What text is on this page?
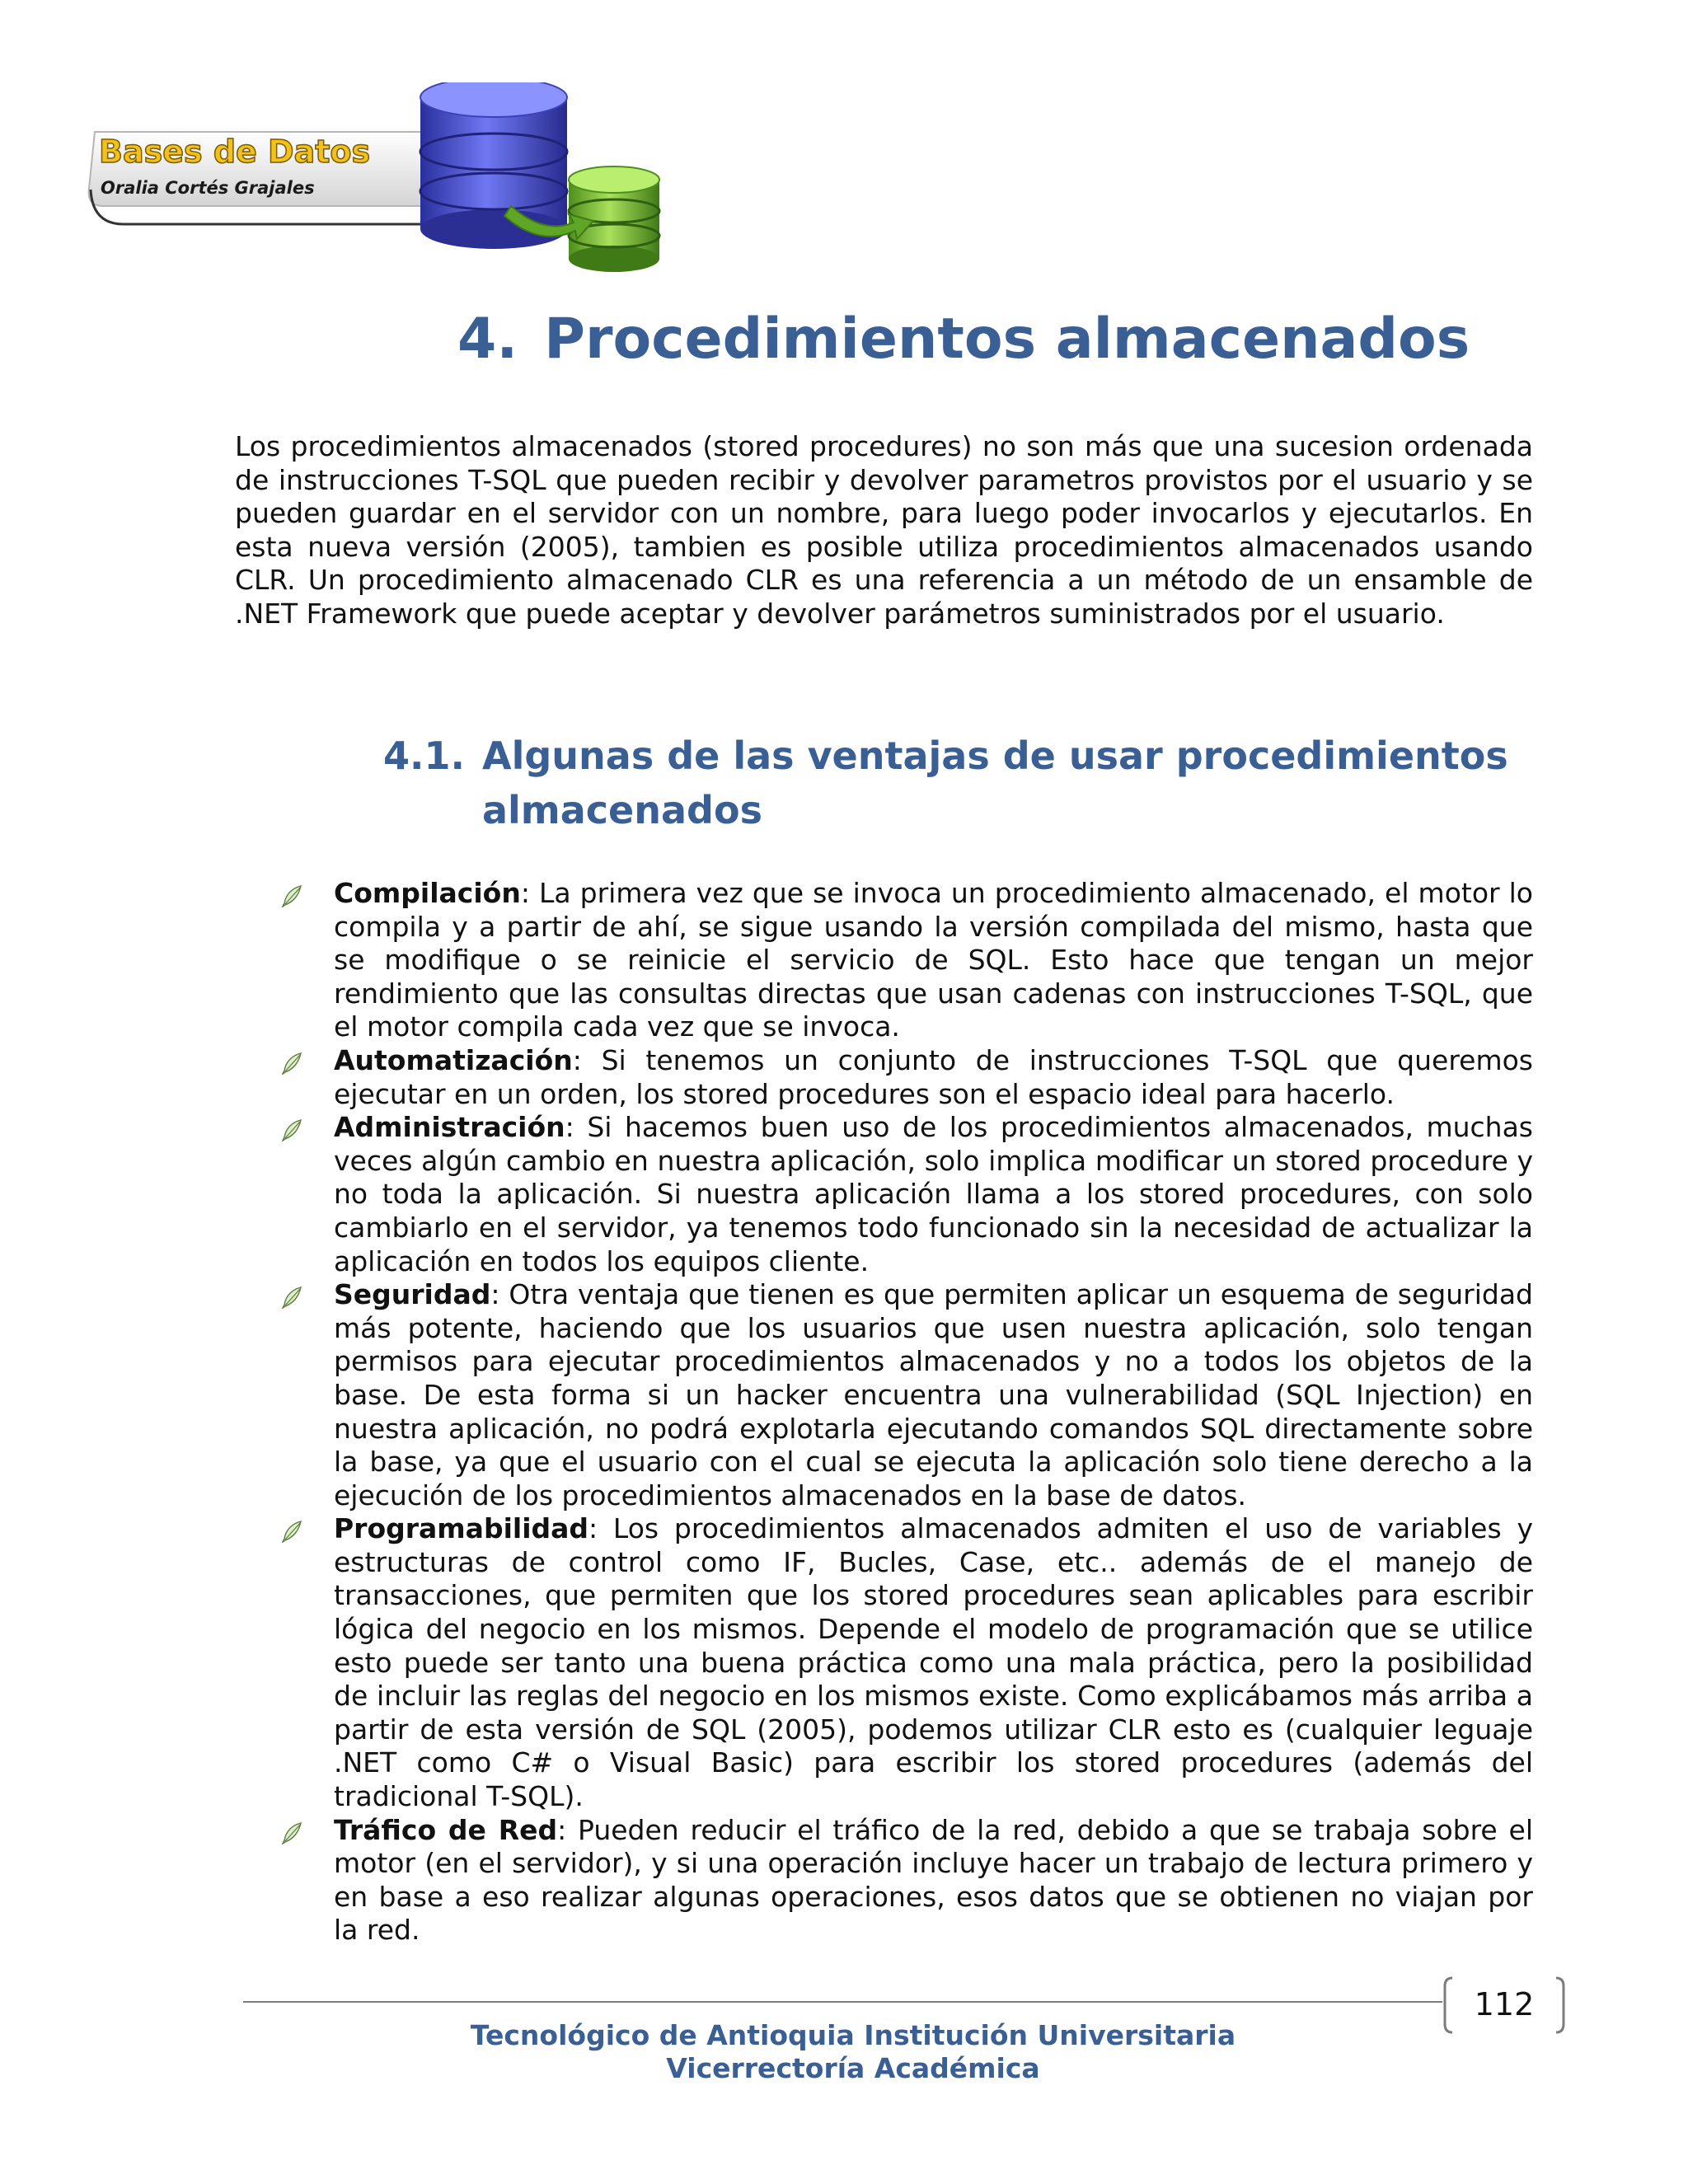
Bases de Datos
Oralia Cortés Grajales
4. Procedimientos almacenados

Los procedimientos almacenados (stored procedures) no son más que una sucesion ordenada de instrucciones T-SQL que pueden recibir y devolver parametros provistos por el usuario y se pueden guardar en el servidor con un nombre, para luego poder invocarlos y ejecutarlos. En esta nueva versión (2005), tambien es posible utiliza procedimientos almacenados usando CLR. Un procedimiento almacenado CLR es una referencia a un método de un ensamble de .NET Framework que puede aceptar y devolver parámetros suministrados por el usuario.

4.1. Algunas de las ventajas de usar procedimientos almacenados
Compilación: La primera vez que se invoca un procedimiento almacenado, el motor lo compila y a partir de ahí, se sigue usando la versión compilada del mismo, hasta que se modifique o se reinicie el servicio de SQL. Esto hace que tengan un mejor rendimiento que las consultas directas que usan cadenas con instrucciones T-SQL, que el motor compila cada vez que se invoca.
Automatización: Si tenemos un conjunto de instrucciones T-SQL que queremos ejecutar en un orden, los stored procedures son el espacio ideal para hacerlo.
Administración: Si hacemos buen uso de los procedimientos almacenados, muchas veces algún cambio en nuestra aplicación, solo implica modificar un stored procedure y no toda la aplicación. Si nuestra aplicación llama a los stored procedures, con solo cambiarlo en el servidor, ya tenemos todo funcionado sin la necesidad de actualizar la aplicación en todos los equipos cliente.
Seguridad: Otra ventaja que tienen es que permiten aplicar un esquema de seguridad más potente, haciendo que los usuarios que usen nuestra aplicación, solo tengan permisos para ejecutar procedimientos almacenados y no a todos los objetos de la base. De esta forma si un hacker encuentra una vulnerabilidad (SQL Injection) en nuestra aplicación, no podrá explotarla ejecutando comandos SQL directamente sobre la base, ya que el usuario con el cual se ejecuta la aplicación solo tiene derecho a la ejecución de los procedimientos almacenados en la base de datos.
Programabilidad: Los procedimientos almacenados admiten el uso de variables y estructuras de control como IF, Bucles, Case, etc.. además de el manejo de transacciones, que permiten que los stored procedures sean aplicables para escribir lógica del negocio en los mismos. Depende el modelo de programación que se utilice esto puede ser tanto una buena práctica como una mala práctica, pero la posibilidad de incluir las reglas del negocio en los mismos existe. Como explicábamos más arriba a partir de esta versión de SQL (2005), podemos utilizar CLR esto es (cualquier leguaje .NET como C# o Visual Basic) para escribir los stored procedures (además del tradicional T-SQL).
Tráfico de Red: Pueden reducir el tráfico de la red, debido a que se trabaja sobre el motor (en el servidor), y si una operación incluye hacer un trabajo de lectura primero y en base a eso realizar algunas operaciones, esos datos que se obtienen no viajan por la red.
112
Tecnológico de Antioquia Institución Universitaria
Vicerrectoría Académica
